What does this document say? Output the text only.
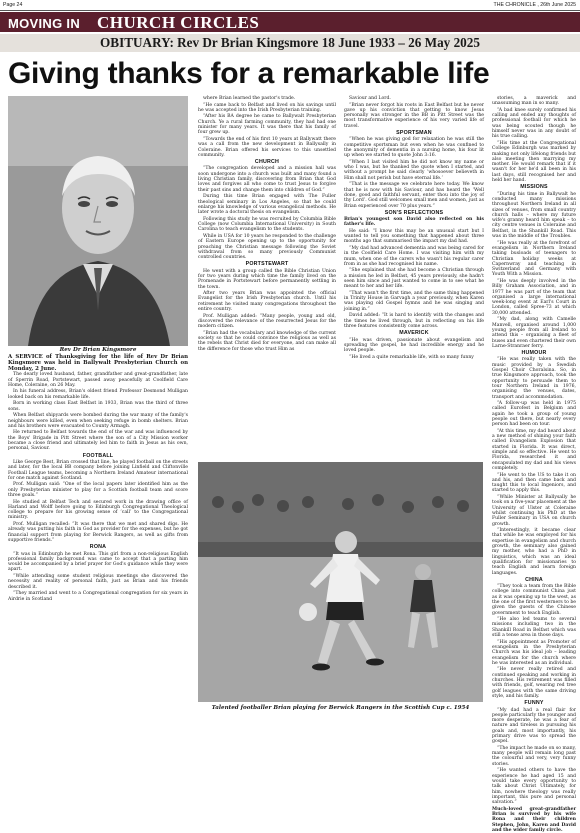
Page 24	THE CHRONICLE , 26th June 2025
MOVING IN CHURCH CIRCLES
OBITUARY: Rev Dr Brian Kingsmore 18 June 1933 – 26 May 2025
Giving thanks for a remarkable life
Rev Dr Brian Kingsmore
A SERVICE of Thanksgiving for the life of Rev Dr Brian Kingsmore was held in Ballywalt Presbyterian Church on Monday, 2 June.

The dearly loved husband, father, grandfather and great-grandfather, late of Sperrin Road, Portstewart, passed away peacefully at Coolfield Care Home, Coleraine, on 26 May.

In his funeral address, Brian's oldest friend Professor Desmond Mulligan looked back on his remarkable life.

Born in working class East Belfast in 1933, Brian was the third of three sons.

When Belfast shipyards were bombed during the war many of the family's neighbours were killed, even when seeking refuge in bomb shelters. Brian and his brothers were evacuated to County Armagh.

He returned to Belfast towards the end of the war and was influenced by the Boys' Brigade in Pitt Street where the son of a City Mission worker became a close friend and ultimately led him to faith in Jesus as his own, personal, Saviour.

FOOTBALL

Like George Best, Brian crossed that line, he played football on the streets and later, for the local BB company before joining Linfield and Cliftonville Football League teams, becoming a Northern Ireland Amateur international for one match against Scotland.

Prof. Mulligan said: “One of the local papers later identified him as the only Presbyterian minister to play for a Scottish football team and score three goals.”

He studied at Belfast Tech and secured work in the drawing office of Harland and Wolff before going to Edinburgh Congregational Theological college to prepare for his growing sense of ‘call’ to the Congregational ministry.

Prof. Mulligan recalled: “It was there that we met and shared digs. He already was putting his faith in God as provider for the expenses, but he got financial support from playing for Berwick Rangers, as well as gifts from supportive friends.”

RONA

“It was in Edinburgh he met Rona. This girl from a non-religious English professional family background was came to accept that a parting him would be accompanied by a brief prayer for God's guidance while they were apart.

“While attending some student religious meetings she discovered the necessity and reality of personal faith, just as Brian and his friends described it.

“They married and went to a Congregational congregation for six years in Airdrie in Scotland

where Brian learned the pastor's trade.

“He came back to Belfast and lived on his savings until he was accepted into the Irish Presbyterian training.

“After his BA degree he came to Ballywalt Presbyterian Church. Ye a rural farming community, they had had one minister for many years. It was there that his family of four grew up.

“Towards the end of his first 10 years at Ballywatt there was a call from the new development in Ballysally in Coleraine. Brian offered his services to this unsettled community.

CHURCH

“The congregation developed and a mission hall was soon undergone into a church was built and many found a living Christian family, discovering from Brian that God loves and forgives all who come to trust Jesus to forgive their past sins and change them into children of God.”

During this time Brian engaged with The Fuller theological seminary in Los Angeles, so that he could enlarge his knowledge of various evangelical methods. He later wrote a doctoral thesis on evangelism.

Following this study he was recruited by Columbia Bible College (now Columbia International University) in South Carolina to teach evangelism to the students.

While in USA for 10 years he responded to the challenge of Eastern Europe opening up to the opportunity for preaching the Christian message following the Soviet withdrawal from so many previously Communist controlled countries.

PORTSTEWART

He went with a group called the Bible Christian Union for two years during which time the family lived on the Promenade in Portstewart before permanently settling in the town.

After two years Brian was appointed the official Evangelist for the Irish Presbyterian church. Until his retirement he visited many congregations throughout the entire country.

Prof. Mulligan added: “Many people, young and old, discovered the relevance of the resurrected Jesus for the modern citizen.

“Brian had the vocabulary and knowledge of the current society so that he could convince the religious as well as the rebels that Christ died for everyone, and can make all the difference for those who trust Him as

Saviour and Lord.

“Brian never forgot his roots in East Belfast but he never gave up his conviction that getting to know Jesus personally was stronger in the BB in Pitt Street was the most transformative experience of his very varied life of travel.

SPORTSMAN

“When he was giving god for relaxation he was still the competitive sportsman but even when he was confined to the anonymity of dementia in a nursing home, his four lit up when we started to quote John 3:16.

“When I last visited him he did not know my name or who I was, but he thanked the quote when I started, and without a prompt he said clearly ‘whosoever believeth in Him shall not perish but have eternal life.’

“That is the message we celebrate here today. We know that he is now with his Saviour, and has heard the ‘Well done, good and faithful servant, enter thou into the joy of thy Lord’. God still welcomes small men and women, just as Brian experienced over 70 plus years.”

SON'S REFLECTIONS
Brian's youngest son David also reflected on his father's life.

He said: “I know this may be an unusual start but I wanted to tell you something that happened about three months ago that summarised the impact my dad had.

“My dad had advanced dementia and was being cared for in the Coolfield Care Home. I was visiting him with my mum, when one of the carers who wasn't his regular carer from in as she had recognised his name.

“She explained that she had become a Christian through a mission he led in Belfast, 45 years previously, she hadn't seen him since and just wanted to come in to see what he meant to her and her life.

“That wasn't the first time, and the same thing happened in Trinity House in Garvagh a year previously, when Karen was playing old Gospel hymns and he was singing and joining in.”

David added: “It is hard to identify with the changes and the times he lived through, but in reflecting on his life three features consistently come across.

MAVERICK

“He was driven, passionate about evangelism and spreading the gospel, he had incredible energy and he loved people.

“He lived a quite remarkable life, with so many funny

Talented footballer Brian playing for Berwick Rangers in the Scottish Cup c. 1954

stories, a maverick and unassuming man in so many.

“A bad knee surely confirmed his calling and ended any thoughts of professional football for which he was being scouted though he himself never was in any doubt of his true calling.

“His time at the Congregational College Edinburgh was marked by making not only lifelong friends but also meeting then marrying my mother. He would remark that if it wasn't for her he'd all been in his last days, still recognised her and held her hand.

MISSIONS

“During his time in Ballywalt he conducted many missions throughout Northern Ireland in all sizes of venues, from small country church halls – where my future wife's granny heard him speak – to city centre venues in Coleraine and Belfast, in the Shankill Road. This was in the middle of the Troubles.

“He was really at the forefront of evangelism in Northern Ireland taking busloads of teenagers to Christian holiday weeks at Capernwray and teaching in Switzerland and Germany with Youth With a Mission.

“He was deeply involved in the Billy Graham Association, and in 1977 he was part of the team that organised a large international week-long event at Earl's Court in London, called Spree-73 at which 30,000 attended.

“My dad, along with Camelle Manvell, organised around 1,000 young people from all Ireland to attend this – organising a fleet of buses and even chartered their own Larne-Stranraer ferry.

HUMOUR

“He was really taken with the music provided by a Swedish Gospel Choir Choralsina. So, in true Kingsmore approach, took the opportunity to persuade them to tour Northern Ireland in 1976, organising the venues, dates, transport and accommodation.

“A follow-up was held in 1975 called Eurofest in Belgium and again he took a group of young people out there, but nearly every person had been on tour.

“At this time, my dad heard about a new method of shining your faith called Evangelism Explosion that started in Florida. It was direct, simple and so effective. He went to Florida, researched it and encapsulated my dad and his views completely.

“He went to the US to take it on and his, and then came back and taught this to local Ingeniors, and started to apply this.

“While Minister at Ballysally he took on a five-year placement at the University of Ulster at Coleraine whilst continuing his PhD at the Fuller Seminary in USA on church growth.

“Interestingly, it became clear that while he was employed for his expertise in evangelism and church growth, the seminary also gained my mother, who had a PhD in linguistics, which was an ideal qualification for missionaries to teach English and learn foreign languages.

CHINA

“They took a team from the Bible college into communist China just as it was opening up to the west, as the one of the first westerners to be given the guests of the Chinese government to teach English.

“He also led teams to several missions including two in the Shankill Road in Belfast which was still a tense area in those days.

“His appointment as Promoter of evangelism in the Presbyterian Church was his ideal job – leading evangelism for the church where he was interested as an individual.

“He never really retired and continued speaking and working in churches. His retirement was filled with friends, golf, wearing red tree golf leagues with the same driving style, and his family.

FUNNY

“My dad had a real flair for people particularly the younger and more desperate, he was a fear of nature and tireless in pursuing his goals and, most importantly, his primary drive was to spread the gospel.

“The impact he made on so many, many people will remain long past the colourful and very, very funny stories.

“He wanted others to have the experience he had aged 15 and would take every opportunity to talk about Christ Ultimately, for him, nowhere theology was really important, this pure and personal salvation.”

Much-loved great-grandfather Brian is survived by his wife Rona and their children Stephen, John, Karen and David and the wider family circle.
